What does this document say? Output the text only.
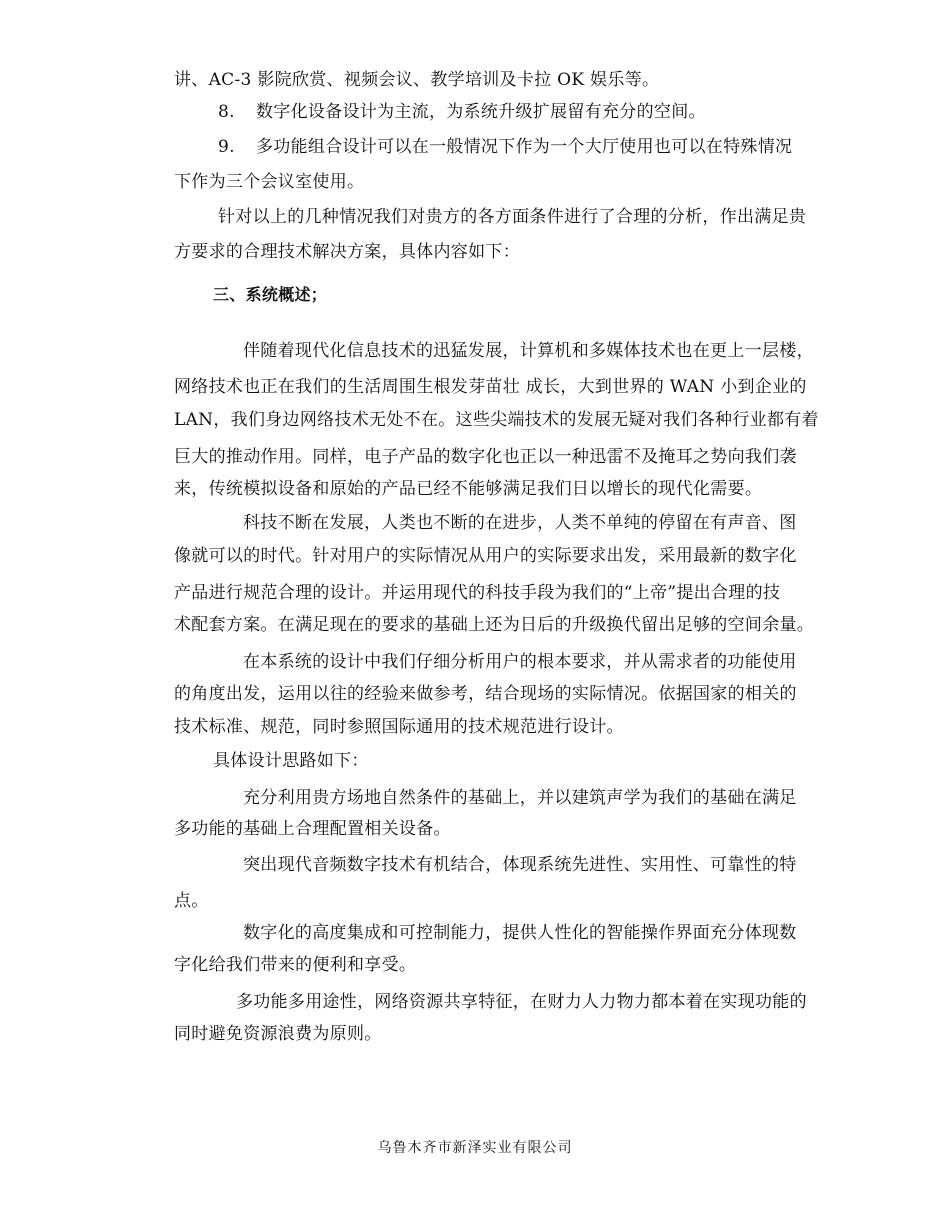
讲、AC-3 影院欣赏、视频会议、教学培训及卡拉 OK 娱乐等。
8. 数字化设备设计为主流，为系统升级扩展留有充分的空间。
9. 多功能组合设计可以在一般情况下作为一个大厅使用也可以在特殊情况
下作为三个会议室使用。
针对以上的几种情况我们对贵方的各方面条件进行了合理的分析，作出满足贵
方要求的合理技术解决方案，具体内容如下：
三、系统概述；
伴随着现代化信息技术的迅猛发展，计算机和多媒体技术也在更上一层楼，
网络技术也正在我们的生活周围生根发芽苗壮 成长，大到世界的 WAN 小到企业的
LAN，我们身边网络技术无处不在。这些尖端技术的发展无疑对我们各种行业都有着
巨大的推动作用。同样，电子产品的数字化也正以一种迅雷不及掩耳之势向我们袭
来，传统模拟设备和原始的产品已经不能够满足我们日以增长的现代化需要。
科技不断在发展，人类也不断的在进步，人类不单纯的停留在有声音、图
像就可以的时代。针对用户的实际情况从用户的实际要求出发，采用最新的数字化
产品进行规范合理的设计。并运用现代的科技手段为我们的“上帝”提出合理的技
术配套方案。在满足现在的要求的基础上还为日后的升级换代留出足够的空间余量。
在本系统的设计中我们仔细分析用户的根本要求，并从需求者的功能使用
的角度出发，运用以往的经验来做参考，结合现场的实际情况。依据国家的相关的
技术标准、规范，同时参照国际通用的技术规范进行设计。
具体设计思路如下：
充分利用贵方场地自然条件的基础上，并以建筑声学为我们的基础在满足
多功能的基础上合理配置相关设备。
突出现代音频数字技术有机结合，体现系统先进性、实用性、可靠性的特
点。
数字化的高度集成和可控制能力，提供人性化的智能操作界面充分体现数
字化给我们带来的便利和享受。
多功能多用途性，网络资源共享特征，在财力人力物力都本着在实现功能的
同时避免资源浪费为原则。
乌鲁木齐市新泽实业有限公司
